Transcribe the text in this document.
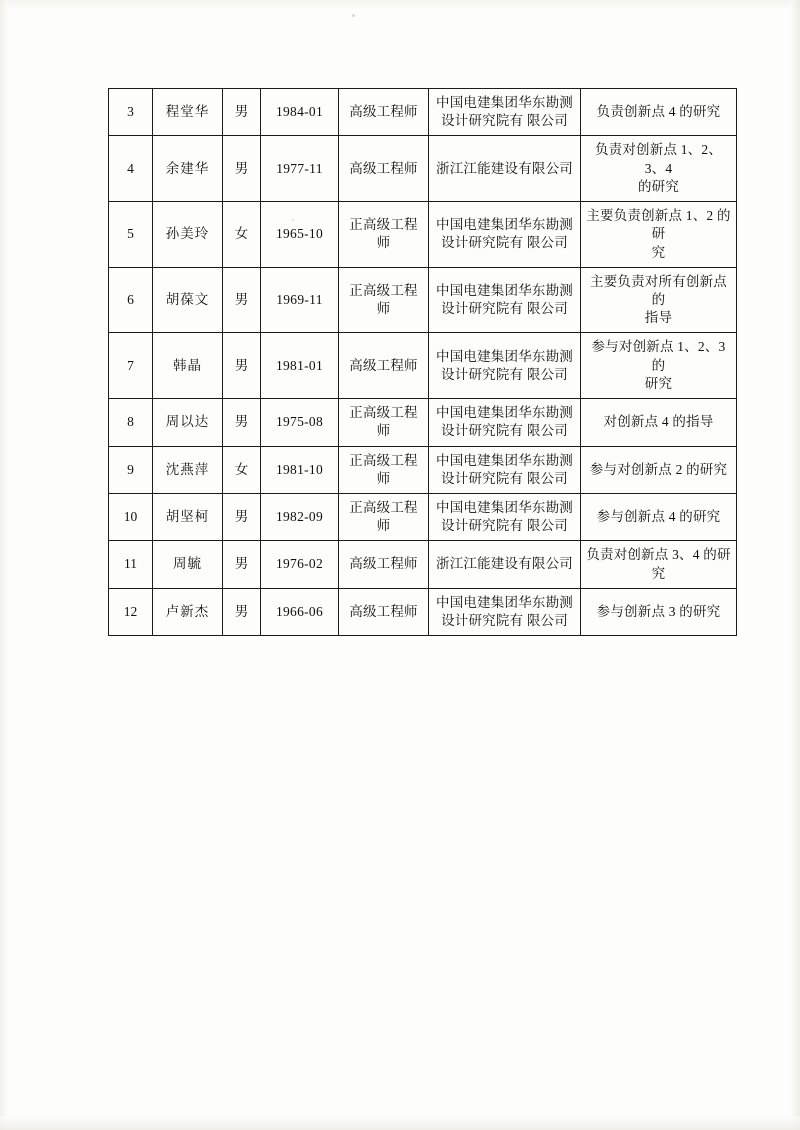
3	程堂华	男	1984-01	高级工程师	中国电建集团华东勘测
设计研究院有 限公司	负责创新点 4 的研究

4	余建华	男	1977-11	高级工程师	浙江江能建设有限公司	负责对创新点 1、2、3、4
的研究

5	孙美玲	女	1965-10	正高级工程
师	中国电建集团华东勘测
设计研究院有 限公司	主要负责创新点 1、2 的研
究

6	胡葆文	男	1969-11	正高级工程
师	中国电建集团华东勘测
设计研究院有 限公司	主要负责对所有创新点的
指导

7	韩晶	男	1981-01	高级工程师	中国电建集团华东勘测
设计研究院有 限公司	参与对创新点 1、2、3 的
研究

8	周以达	男	1975-08	正高级工程
师	中国电建集团华东勘测
设计研究院有 限公司	对创新点 4 的指导

9	沈燕萍	女	1981-10	正高级工程
师	中国电建集团华东勘测
设计研究院有 限公司	参与对创新点 2 的研究

10	胡坚柯	男	1982-09	正高级工程
师	中国电建集团华东勘测
设计研究院有 限公司	参与创新点 4 的研究

11	周毓	男	1976-02	高级工程师	浙江江能建设有限公司	负责对创新点 3、4 的研究

12	卢新杰	男	1966-06	高级工程师	中国电建集团华东勘测
设计研究院有 限公司	参与创新点 3 的研究
